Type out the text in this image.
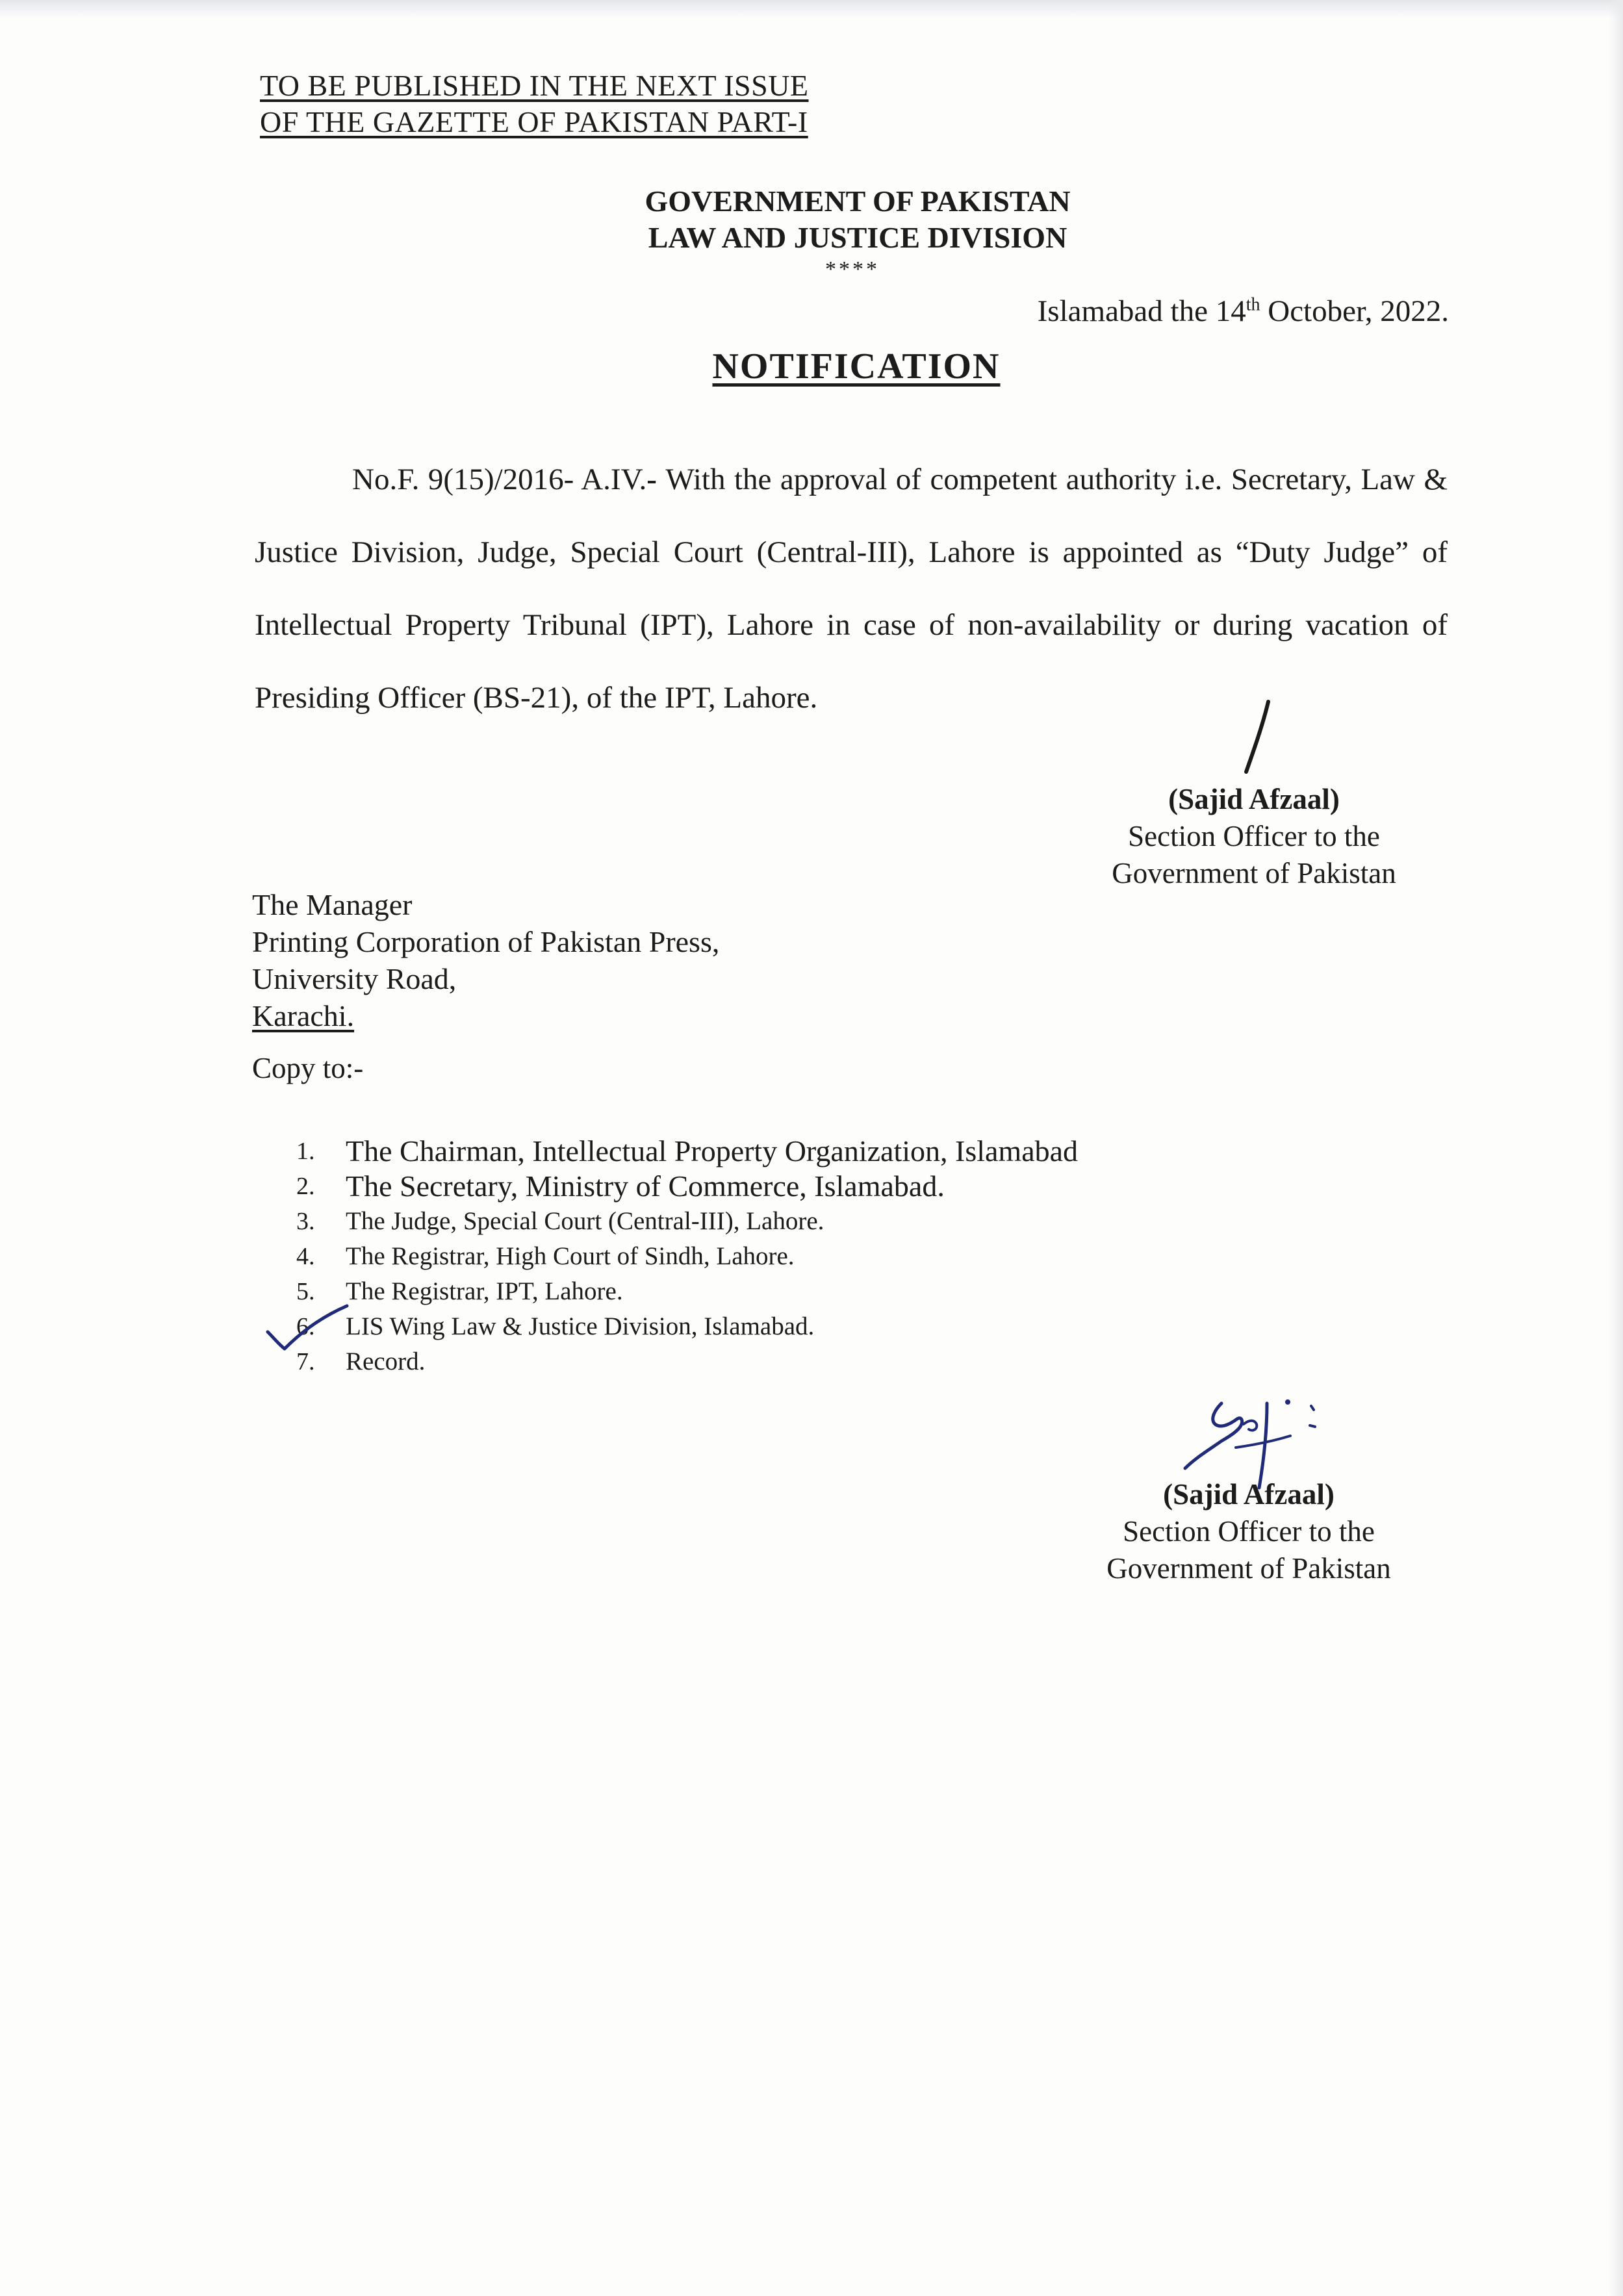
TO BE PUBLISHED IN THE NEXT ISSUE
OF THE GAZETTE OF PAKISTAN PART-I
GOVERNMENT OF PAKISTAN
LAW AND JUSTICE DIVISION
****
Islamabad the 14th October, 2022.
NOTIFICATION
No.F. 9(15)/2016- A.IV.- With the approval of competent authority i.e. Secretary, Law & Justice Division, Judge, Special Court (Central-III), Lahore is appointed as “Duty Judge” of Intellectual Property Tribunal (IPT), Lahore in case of non-availability or during vacation of Presiding Officer (BS-21), of the IPT, Lahore.
(Sajid Afzaal)
Section Officer to the
Government of Pakistan
The Manager
Printing Corporation of Pakistan Press,
University Road,
Karachi.
Copy to:-
1. The Chairman, Intellectual Property Organization, Islamabad
2. The Secretary, Ministry of Commerce, Islamabad.
3. The Judge, Special Court (Central-III), Lahore.
4. The Registrar, High Court of Sindh, Lahore.
5. The Registrar, IPT, Lahore.
6. LIS Wing Law & Justice Division, Islamabad.
7. Record.
(Sajid Afzaal)
Section Officer to the
Government of Pakistan
